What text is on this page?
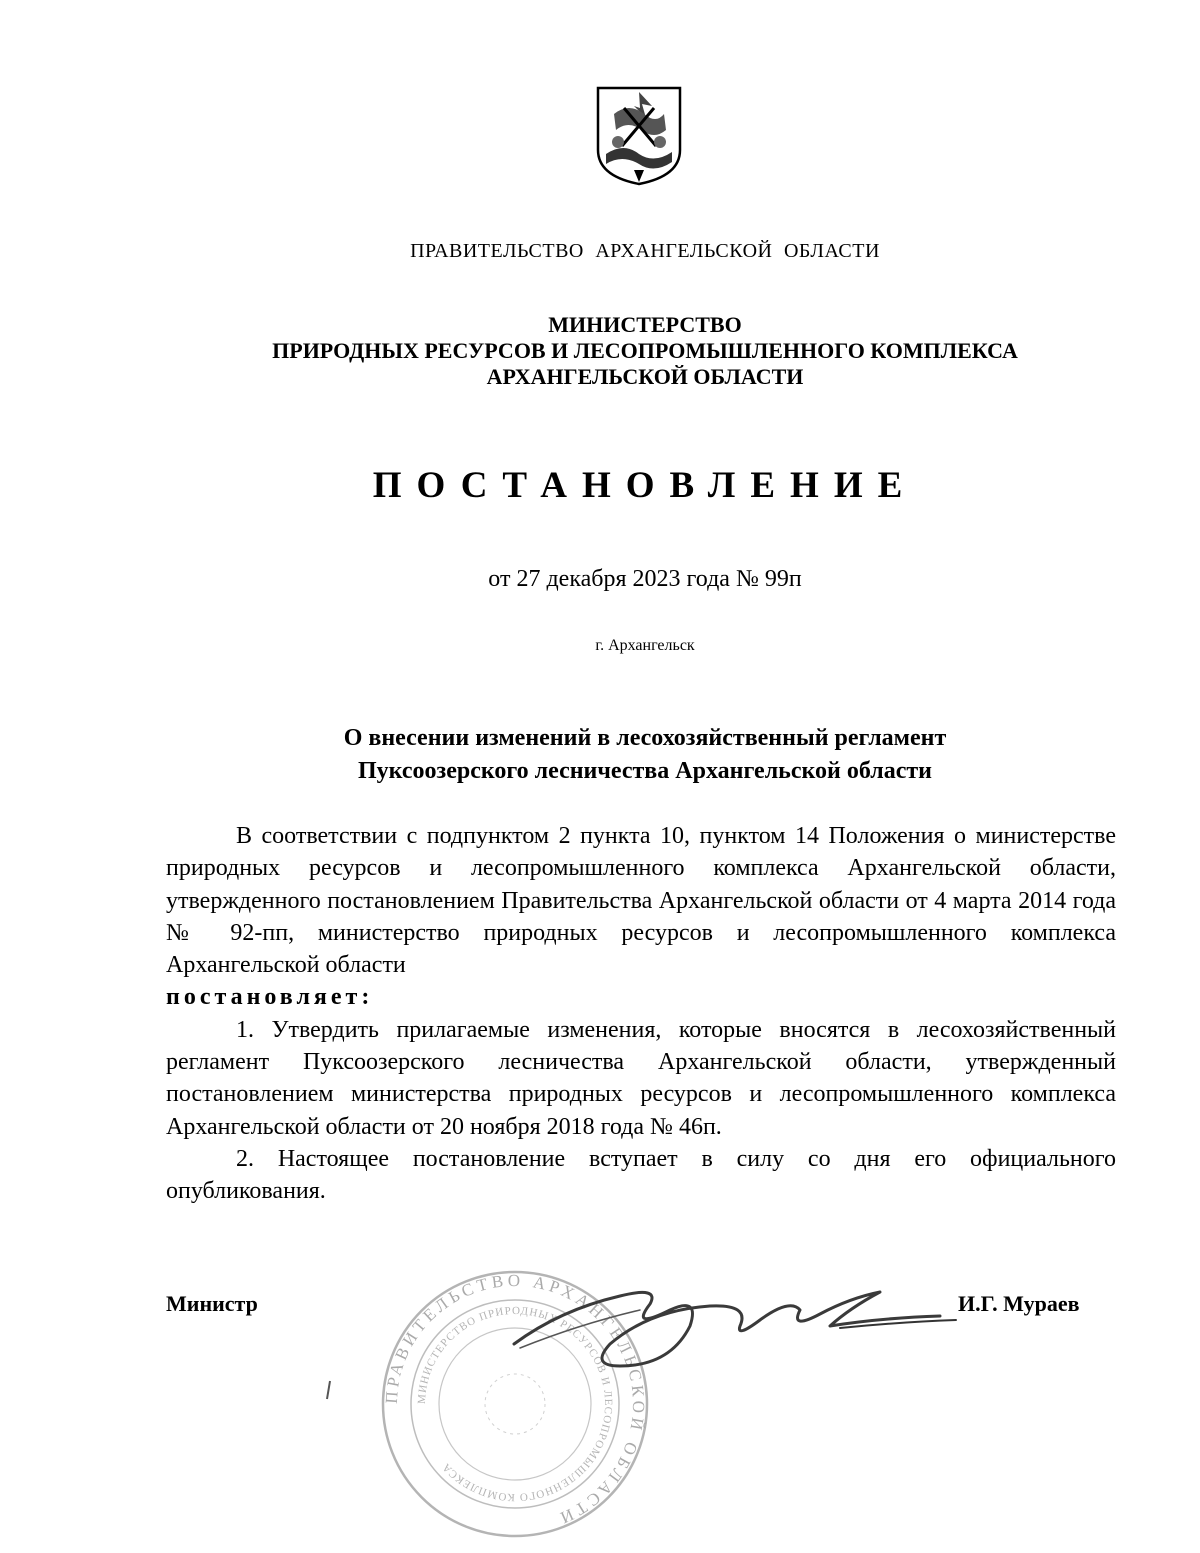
ПРАВИТЕЛЬСТВО АРХАНГЕЛЬСКОЙ ОБЛАСТИ
МИНИСТЕРСТВО
ПРИРОДНЫХ РЕСУРСОВ И ЛЕСОПРОМЫШЛЕННОГО КОМПЛЕКСА
АРХАНГЕЛЬСКОЙ ОБЛАСТИ
ПОСТАНОВЛЕНИЕ
от 27 декабря 2023 года № 99п
г. Архангельск
О внесении изменений в лесохозяйственный регламент
Пуксоозерского лесничества Архангельской области

В соответствии с подпунктом 2 пункта 10, пунктом 14 Положения о министерстве природных ресурсов и лесопромышленного комплекса Архангельской области, утвержденного постановлением Правительства Архангельской области от 4 марта 2014 года № 92-пп, министерство природных ресурсов и лесопромышленного комплекса Архангельской области

постановляет:

1. Утвердить прилагаемые изменения, которые вносятся в лесохозяйственный регламент Пуксоозерского лесничества Архангельской области, утвержденный постановлением министерства природных ресурсов и лесопромышленного комплекса Архангельской области от 20 ноября 2018 года № 46п.

2. Настоящее постановление вступает в силу со дня его официального опубликования.

ПРАВИТЕЛЬСТВО АРХАНГЕЛЬСКОЙ ОБЛАСТИ
МИНИСТЕРСТВО ПРИРОДНЫХ РЕСУРСОВ И ЛЕСОПРОМЫШЛЕННОГО КОМПЛЕКСА
Министр	И.Г. Мураев
